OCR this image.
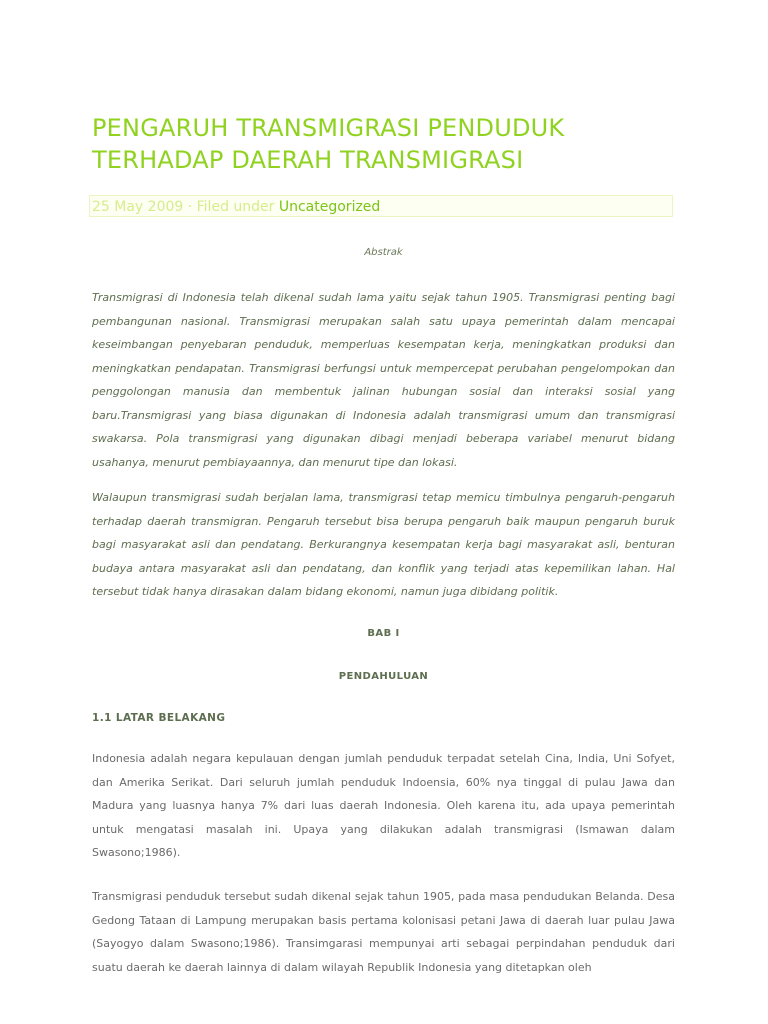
PENGARUH TRANSMIGRASI PENDUDUK TERHADAP DAERAH TRANSMIGRASI
25 May 2009 · Filed under Uncategorized
Abstrak

Transmigrasi di Indonesia telah dikenal sudah lama yaitu sejak tahun 1905. Transmigrasi penting bagi pembangunan nasional. Transmigrasi merupakan salah satu upaya pemerintah dalam mencapai keseimbangan penyebaran penduduk, memperluas kesempatan kerja, meningkatkan produksi dan meningkatkan pendapatan. Transmigrasi berfungsi untuk mempercepat perubahan pengelompokan dan penggolongan manusia dan membentuk jalinan hubungan sosial dan interaksi sosial yang baru.Transmigrasi yang biasa digunakan di Indonesia adalah transmigrasi umum dan transmigrasi swakarsa. Pola transmigrasi yang digunakan dibagi menjadi beberapa variabel menurut bidang usahanya, menurut pembiayaannya, dan menurut tipe dan lokasi.

Walaupun transmigrasi sudah berjalan lama, transmigrasi tetap memicu timbulnya pengaruh-pengaruh terhadap daerah transmigran. Pengaruh tersebut bisa berupa pengaruh baik maupun pengaruh buruk bagi masyarakat asli dan pendatang. Berkurangnya kesempatan kerja bagi masyarakat asli, benturan budaya antara masyarakat asli dan pendatang, dan konflik yang terjadi atas kepemilikan lahan. Hal tersebut tidak hanya dirasakan dalam bidang ekonomi, namun juga dibidang politik.

BAB I
PENDAHULUAN
1.1 LATAR BELAKANG

Indonesia adalah negara kepulauan dengan jumlah penduduk terpadat setelah Cina, India, Uni Sofyet, dan Amerika Serikat. Dari seluruh jumlah penduduk Indoensia, 60% nya tinggal di pulau Jawa dan Madura yang luasnya hanya 7% dari luas daerah Indonesia. Oleh karena itu, ada upaya pemerintah untuk mengatasi masalah ini. Upaya yang dilakukan adalah transmigrasi (Ismawan dalam Swasono;1986).

Transmigrasi penduduk tersebut sudah dikenal sejak tahun 1905, pada masa pendudukan Belanda. Desa Gedong Tataan di Lampung merupakan basis pertama kolonisasi petani Jawa di daerah luar pulau Jawa (Sayogyo dalam Swasono;1986). Transimgarasi mempunyai arti sebagai perpindahan penduduk dari suatu daerah ke daerah lainnya di dalam wilayah Republik Indonesia yang ditetapkan oleh
